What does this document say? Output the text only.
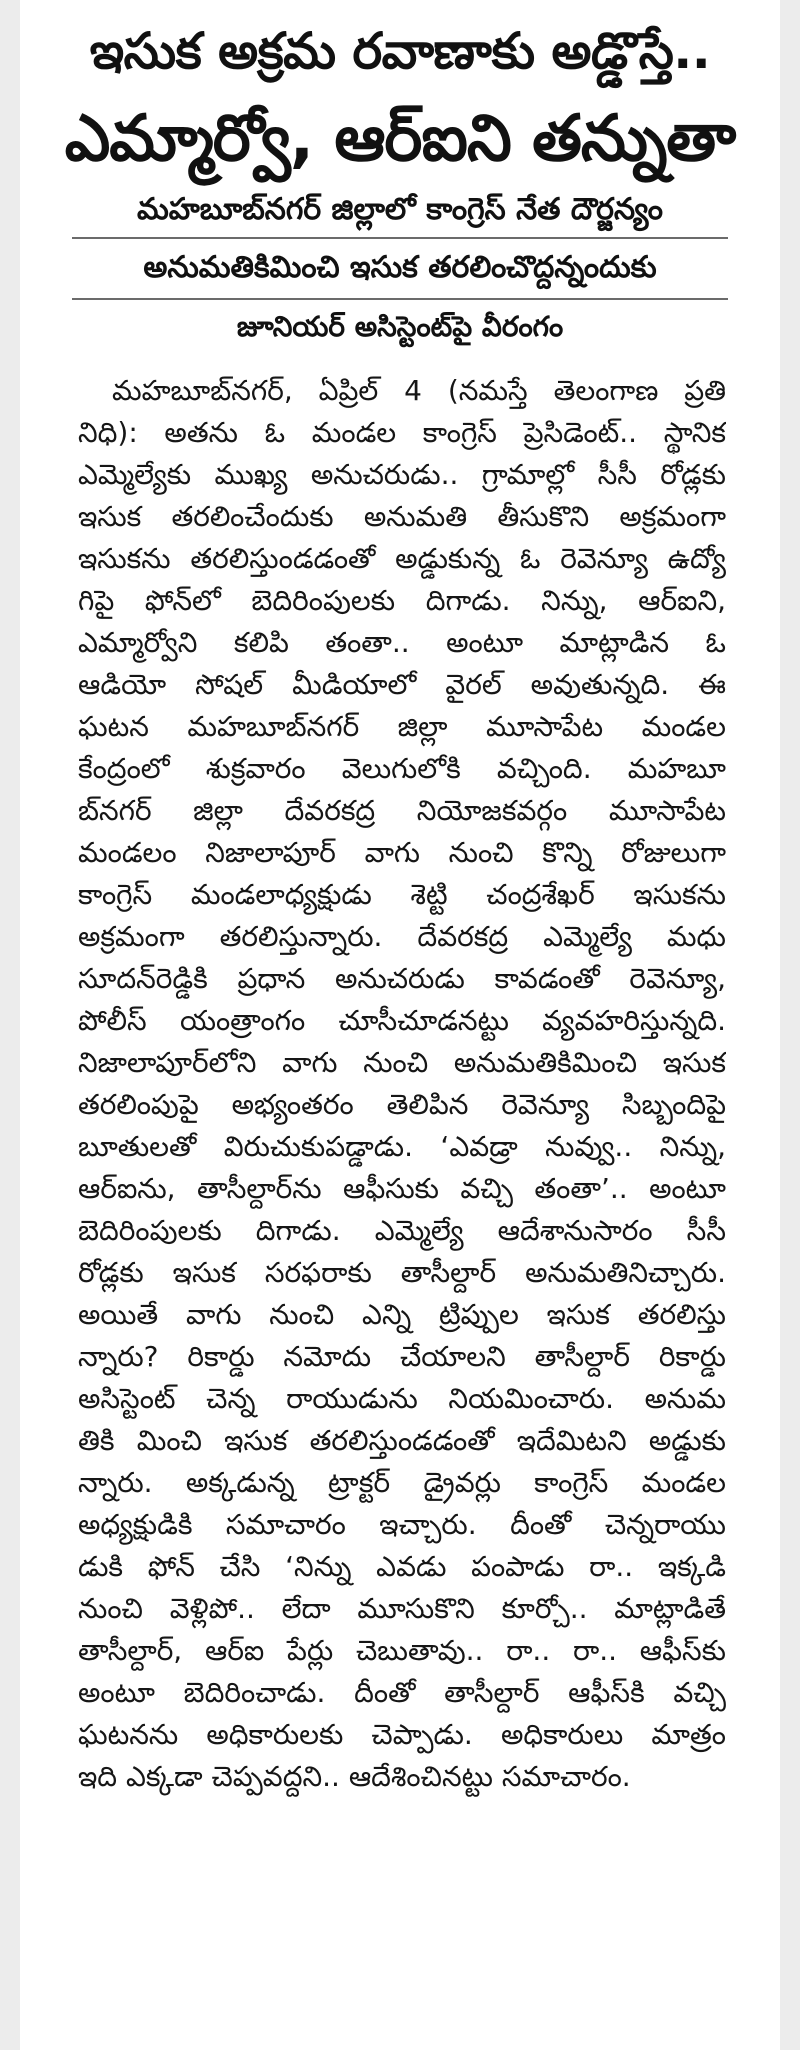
ఇసుక అక్రమ రవాణాకు అడ్డొస్తే..
ఎమ్మార్వో, ఆర్‌ఐని తన్నుతా
మహబూబ్‌నగర్‌ జిల్లాలో కాంగ్రెస్‌ నేత దౌర్జన్యం
అనుమతికిమించి ఇసుక తరలించొద్దన్నందుకు
జూనియర్‌ అసిస్టెంట్‌పై వీరంగం
మహబూబ్‌నగర్‌, ఏప్రిల్‌ 4 (నమస్తే తెలంగాణ ప్రతి
నిధి): అతను ఓ మండల కాంగ్రెస్‌ ప్రెసిడెంట్‌.. స్థానిక
ఎమ్మెల్యేకు ముఖ్య అనుచరుడు.. గ్రామాల్లో సీసీ రోడ్లకు
ఇసుక తరలించేందుకు అనుమతి తీసుకొని అక్రమంగా
ఇసుకను తరలిస్తుండడంతో అడ్డుకున్న ఓ రెవెన్యూ ఉద్యో
గిపై ఫోన్‌లో బెదిరింపులకు దిగాడు. నిన్ను, ఆర్‌ఐని,
ఎమ్మార్వోని కలిపి తంతా.. అంటూ మాట్లాడిన ఓ
ఆడియో సోషల్‌ మీడియాలో వైరల్‌ అవుతున్నది. ఈ
ఘటన మహబూబ్‌నగర్‌ జిల్లా మూసాపేట మండల
కేంద్రంలో శుక్రవారం వెలుగులోకి వచ్చింది. మహబూ
బ్‌నగర్‌ జిల్లా దేవరకద్ర నియోజకవర్గం మూసాపేట
మండలం నిజాలాపూర్‌ వాగు నుంచి కొన్ని రోజులుగా
కాంగ్రెస్‌ మండలాధ్యక్షుడు శెట్టి చంద్రశేఖర్‌ ఇసుకను
అక్రమంగా తరలిస్తున్నారు. దేవరకద్ర ఎమ్మెల్యే మధు
సూదన్‌రెడ్డికి ప్రధాన అనుచరుడు కావడంతో రెవెన్యూ,
పోలీస్‌ యంత్రాంగం చూసీచూడనట్టు వ్యవహరిస్తున్నది.
నిజాలాపూర్‌లోని వాగు నుంచి అనుమతికిమించి ఇసుక
తరలింపుపై అభ్యంతరం తెలిపిన రెవెన్యూ సిబ్బందిపై
బూతులతో విరుచుకుపడ్డాడు. ‘ఎవడ్రా నువ్వు.. నిన్ను,
ఆర్‌ఐను, తాసీల్దార్‌ను ఆఫీసుకు వచ్చి తంతా’.. అంటూ
బెదిరింపులకు దిగాడు. ఎమ్మెల్యే ఆదేశానుసారం సీసీ
రోడ్లకు ఇసుక సరఫరాకు తాసీల్దార్‌ అనుమతినిచ్చారు.
అయితే వాగు నుంచి ఎన్ని ట్రిప్పుల ఇసుక తరలిస్తు
న్నారు? రికార్డు నమోదు చేయాలని తాసీల్దార్‌ రికార్డు
అసిస్టెంట్‌ చెన్న రాయుడును నియమించారు. అనుమ
తికి మించి ఇసుక తరలిస్తుండడంతో ఇదేమిటని అడ్డుకు
న్నారు. అక్కడున్న ట్రాక్టర్‌ డ్రైవర్లు కాంగ్రెస్‌ మండల
అధ్యక్షుడికి సమాచారం ఇచ్చారు. దీంతో చెన్నరాయు
డుకి ఫోన్‌ చేసి ‘నిన్ను ఎవడు పంపాడు రా.. ఇక్కడి
నుంచి వెళ్లిపో.. లేదా మూసుకొని కూర్చో.. మాట్లాడితే
తాసీల్దార్‌, ఆర్‌ఐ పేర్లు చెబుతావు.. రా.. రా.. ఆఫీస్‌కు
అంటూ బెదిరించాడు. దీంతో తాసీల్దార్‌ ఆఫీస్‌కి వచ్చి
ఘటనను అధికారులకు చెప్పాడు. అధికారులు మాత్రం
ఇది ఎక్కడా చెప్పవద్దని.. ఆదేశించినట్టు సమాచారం.
